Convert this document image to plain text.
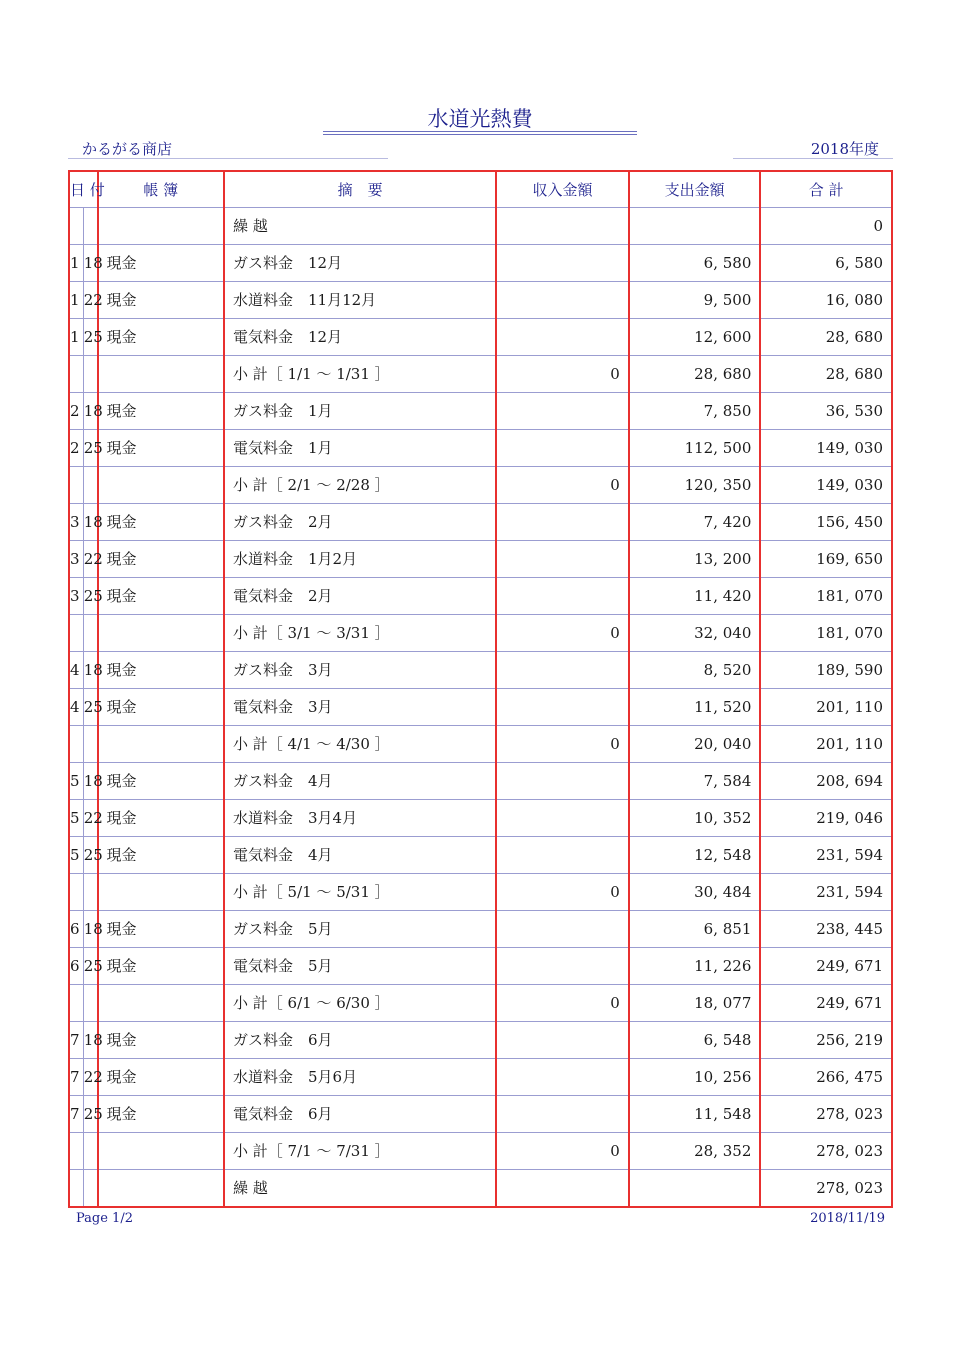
水道光熱費
かるがる商店	2018年度
日 付		帳 簿	摘　要	収入金額	支出金額	合 計
			繰 越			0
1	18	現金	ガス料金　12月		6, 580	6, 580
1	22	現金	水道料金　11月12月		9, 500	16, 080
1	25	現金	電気料金　12月		12, 600	28, 680
			小 計［ 1/1 ～ 1/31 ］	0	28, 680	28, 680
2	18	現金	ガス料金　1月		7, 850	36, 530
2	25	現金	電気料金　1月		112, 500	149, 030
			小 計［ 2/1 ～ 2/28 ］	0	120, 350	149, 030
3	18	現金	ガス料金　2月		7, 420	156, 450
3	22	現金	水道料金　1月2月		13, 200	169, 650
3	25	現金	電気料金　2月		11, 420	181, 070
			小 計［ 3/1 ～ 3/31 ］	0	32, 040	181, 070
4	18	現金	ガス料金　3月		8, 520	189, 590
4	25	現金	電気料金　3月		11, 520	201, 110
			小 計［ 4/1 ～ 4/30 ］	0	20, 040	201, 110
5	18	現金	ガス料金　4月		7, 584	208, 694
5	22	現金	水道料金　3月4月		10, 352	219, 046
5	25	現金	電気料金　4月		12, 548	231, 594
			小 計［ 5/1 ～ 5/31 ］	0	30, 484	231, 594
6	18	現金	ガス料金　5月		6, 851	238, 445
6	25	現金	電気料金　5月		11, 226	249, 671
			小 計［ 6/1 ～ 6/30 ］	0	18, 077	249, 671
7	18	現金	ガス料金　6月		6, 548	256, 219
7	22	現金	水道料金　5月6月		10, 256	266, 475
7	25	現金	電気料金　6月		11, 548	278, 023
			小 計［ 7/1 ～ 7/31 ］	0	28, 352	278, 023
			繰 越			278, 023
Page 1/2	2018/11/19
